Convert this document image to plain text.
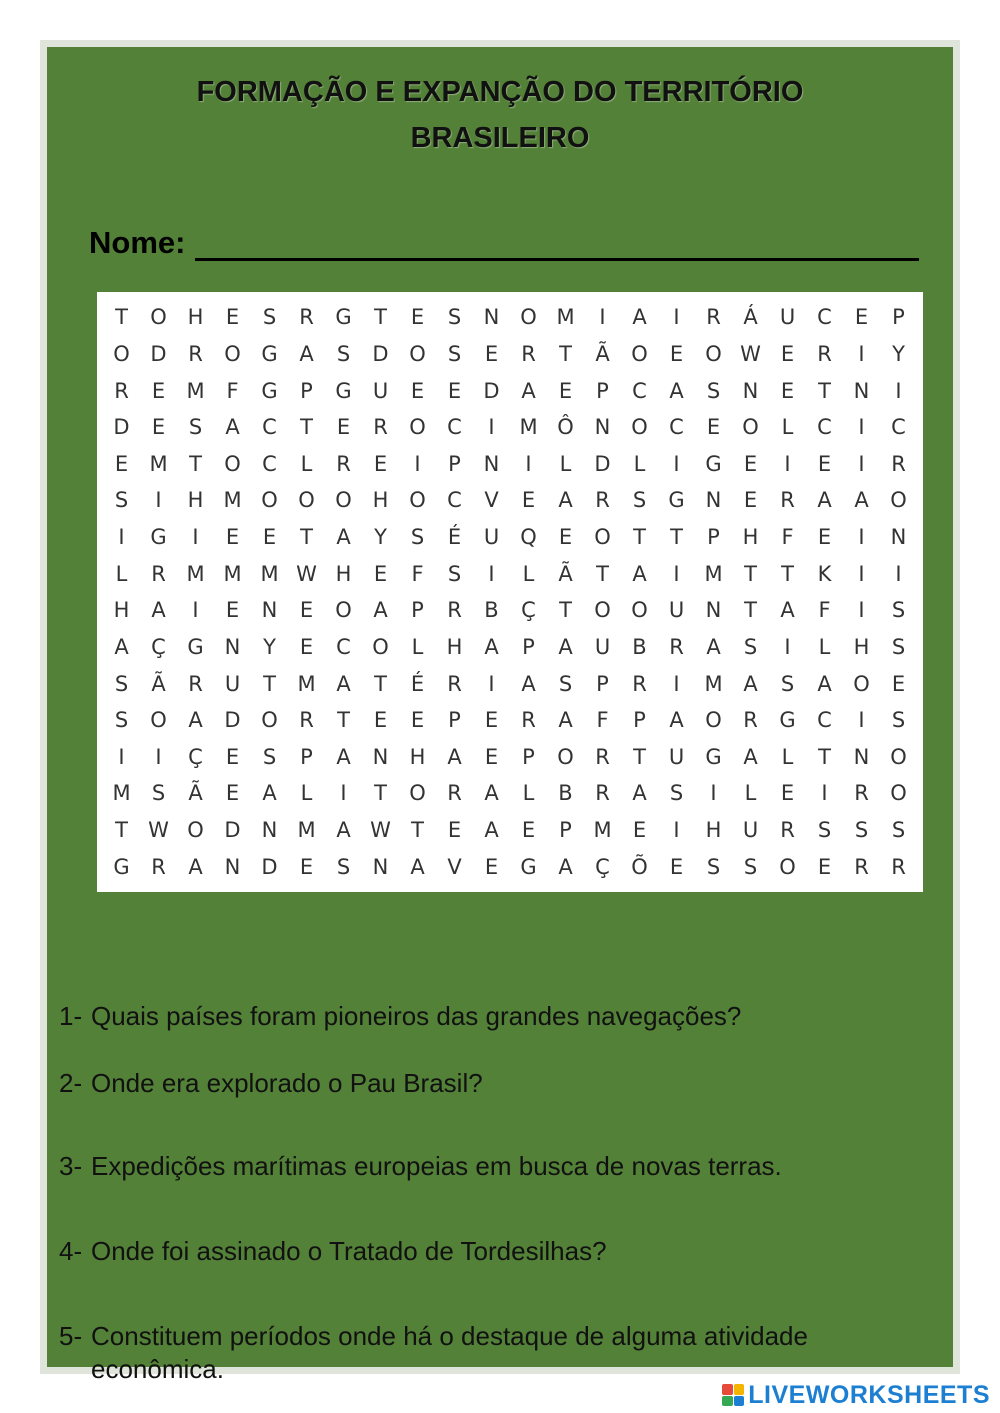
FORMAÇÃO E EXPANÇÃO DO TERRITÓRIO
BRASILEIRO
Nome:
T	O H	E	S	R	G	T	E	S	N O M	I	A	I	R	Á	U	C	E	P
O D	R	O G	A	S	D O	S	E	R	T	Ã	O	E	O W E	R	I	Y
R	E	M	F	G	P	G	U	E	E	D	A	E	P	C	A	S	N	E	T	N	I
D	E	S	A	C	T	E	R	O	C	I	M Ô N O	C	E	O	L	C	I	C
E	M	T	O	C	L	R	E	I	P	N	I	L	D	L	I	G	E	I	E	I	R
S	I	H M O O O H O	C	V	E	A	R	S	G	N	E	R	A	A	O
I	G	I	E	E	T	A	Y	S	É	U	Q	E	O	T	T	P	H	F	E	I	N
L	R M M M W H	E	F	S	I	L	Ã	T	A	I	M	T	T	K	I	I
H	A	I	E	N	E	O	A	P	R	B	Ç	T	O O	U	N	T	A	F	I	S
A	Ç	G	N	Y	E	C	O	L	H	A	P	A	U	B	R	A	S	I	L	H	S
S	Ã	R	U	T	M A	T	É	R	I	A	S	P	R	I	M A	S	A	O	E
S	O	A	D O	R	T	E	E	P	E	R	A	F	P	A	O	R	G	C	I	S
I	I	Ç	E	S	P	A	N	H	A	E	P	O	R	T	U	G	A	L	T	N O
M	S	Ã	E	A	L	I	T	O	R	A	L	B	R	A	S	I	L	E	I	R	O
T W O D	N M A W T	E	A	E	P	M	E	I	H	U	R	S	S	S
G	R	A	N	D	E	S	N	A	V	E	G	A	Ç	Õ	E	S	S	O	E	R	R
1- Quais países foram pioneiros das grandes navegações?
2- Onde era explorado o Pau Brasil?
3- Expedições marítimas europeias em busca de novas terras.
4- Onde foi assinado o Tratado de Tordesilhas?
5- Constituem períodos onde há o destaque de alguma atividade econômica.
LIVEWORKSHEETS
